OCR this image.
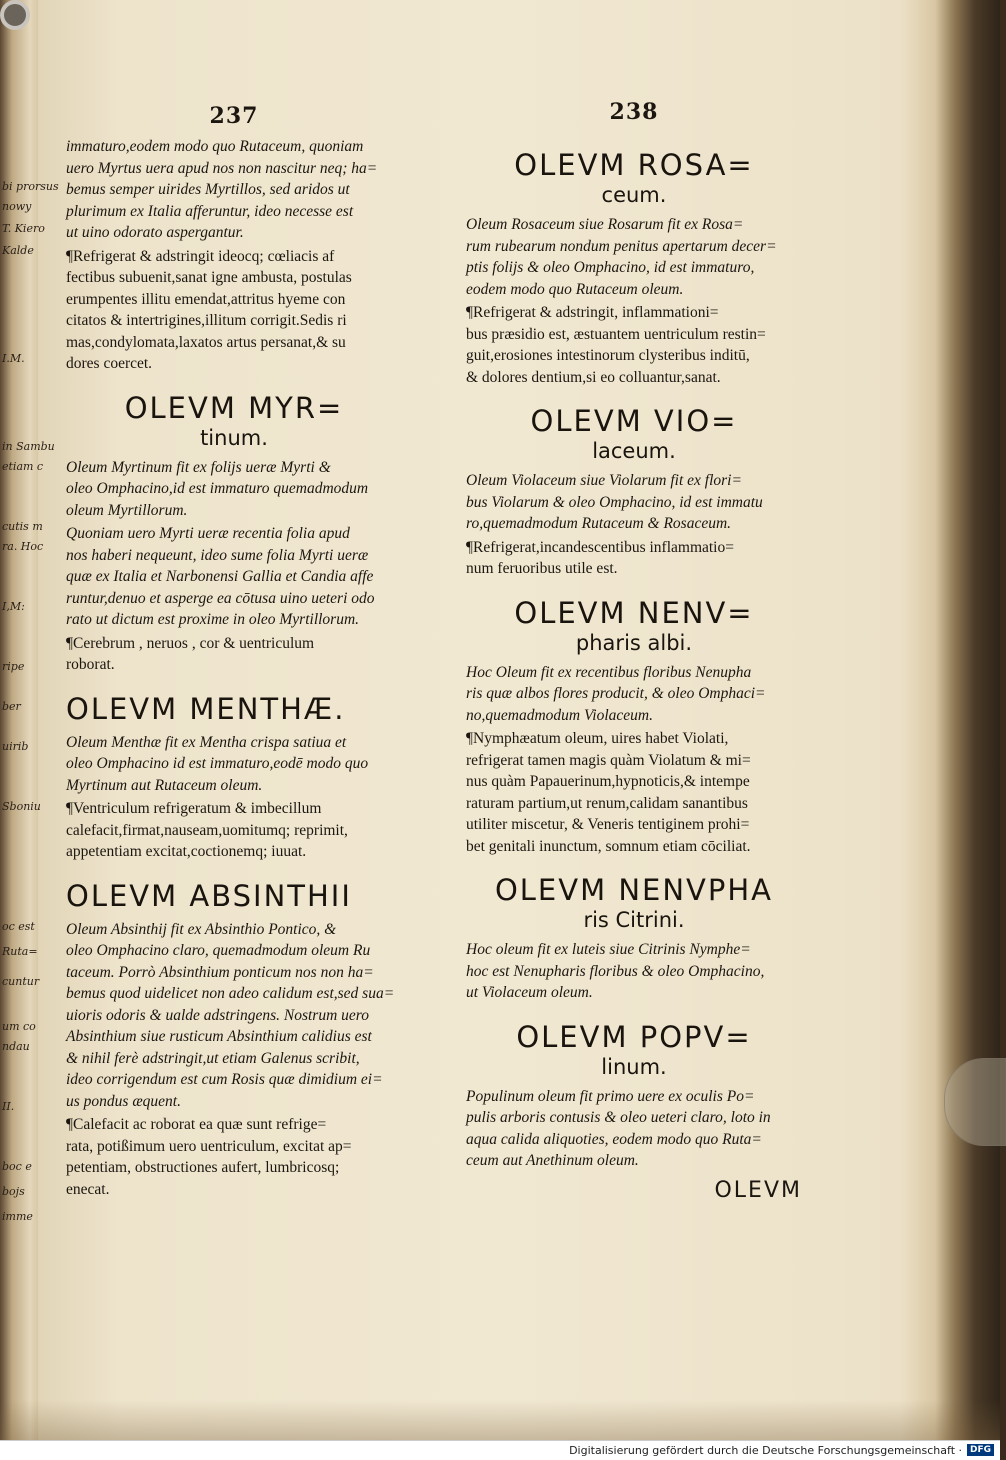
bi prorsus
nowy
T. Kiero
Kalde
I.M.
in Sambu
etiam c
cutis m
ra. Hoc
I,M:
ripe
ber
uirib
Sboniu
oc est
Ruta=
cuntur
um co
ndau
II.
boc e
bojs
imme
237
immaturo,eodem modo quo Rutaceum, quoniam
uero Myrtus uera apud nos non nascitur neq; ha=
bemus semper uirides Myrtillos, sed aridos ut
plurimum ex Italia afferuntur, ideo necesse est
ut uino odorato aspergantur.
¶Refrigerat & adstringit ideocq; cœliacis af
fectibus subuenit,sanat igne ambusta, postulas
erumpentes illitu emendat,attritus hyeme con
citatos & intertrigines,illitum corrigit.Sedis ri
mas,condylomata,laxatos artus persanat,& su
dores coercet.
OLEVM MYR=
tinum.
Oleum Myrtinum fit ex folijs ueræ Myrti &
oleo Omphacino,id est immaturo quemadmodum
oleum Myrtillorum.
Quoniam uero Myrti ueræ recentia folia apud
nos haberi nequeunt, ideo sume folia Myrti ueræ
quæ ex Italia et Narbonensi Gallia et Candia affe
runtur,denuo et asperge ea cōtusa uino ueteri odo
rato ut dictum est proxime in oleo Myrtillorum.
¶Cerebrum , neruos , cor & uentriculum
roborat.
OLEVM MENTHÆ.
Oleum Menthæ fit ex Mentha crispa satiua et
oleo Omphacino id est immaturo,eodē modo quo
Myrtinum aut Rutaceum oleum.
¶Ventriculum refrigeratum & imbecillum
calefacit,firmat,nauseam,uomitumq; reprimit,
appetentiam excitat,coctionemq; iuuat.
OLEVM ABSINTHII
Oleum Absinthij fit ex Absinthio Pontico, &
oleo Omphacino claro, quemadmodum oleum Ru
taceum. Porrò Absinthium ponticum nos non ha=
bemus quod uidelicet non adeo calidum est,sed sua=
uioris odoris & ualde adstringens. Nostrum uero
Absinthium siue rusticum Absinthium calidius est
& nihil ferè adstringit,ut etiam Galenus scribit,
ideo corrigendum est cum Rosis quæ dimidium ei=
us pondus æquent.
¶Calefacit ac roborat ea quæ sunt refrige=
rata, potißimum uero uentriculum, excitat ap=
petentiam, obstructiones aufert, lumbricosq;
enecat.
238
OLEVM ROSA=
ceum.
Oleum Rosaceum siue Rosarum fit ex Rosa=
rum rubearum nondum penitus apertarum decer=
ptis folijs & oleo Omphacino, id est immaturo,
eodem modo quo Rutaceum oleum.
¶Refrigerat & adstringit, inflammationi=
bus præsidio est, æstuantem uentriculum restin=
guit,erosiones intestinorum clysteribus inditū,
& dolores dentium,si eo colluantur,sanat.
OLEVM VIO=
laceum.
Oleum Violaceum siue Violarum fit ex flori=
bus Violarum & oleo Omphacino, id est immatu
ro,quemadmodum Rutaceum & Rosaceum.
¶Refrigerat,incandescentibus inflammatio=
num feruoribus utile est.
OLEVM NENV=
pharis albi.
Hoc Oleum fit ex recentibus floribus Nenupha
ris quæ albos flores producit, & oleo Omphaci=
no,quemadmodum Violaceum.
¶Nymphæatum oleum, uires habet Violati,
refrigerat tamen magis quàm Violatum & mi=
nus quàm Papauerinum,hypnoticis,& intempe
raturam partium,ut renum,calidam sanantibus
utiliter miscetur, & Veneris tentiginem prohi=
bet genitali inunctum, somnum etiam cōciliat.
OLEVM NENVPHA
ris Citrini.
Hoc oleum fit ex luteis siue Citrinis Nymphe=
hoc est Nenupharis floribus & oleo Omphacino,
ut Violaceum oleum.
OLEVM POPV=
linum.
Populinum oleum fit primo uere ex oculis Po=
pulis arboris contusis & oleo ueteri claro, loto in
aqua calida aliquoties, eodem modo quo Ruta=
ceum aut Anethinum oleum.
OLEVM
Digitalisierung gefördert durch die Deutsche Forschungsgemeinschaft · DFG
